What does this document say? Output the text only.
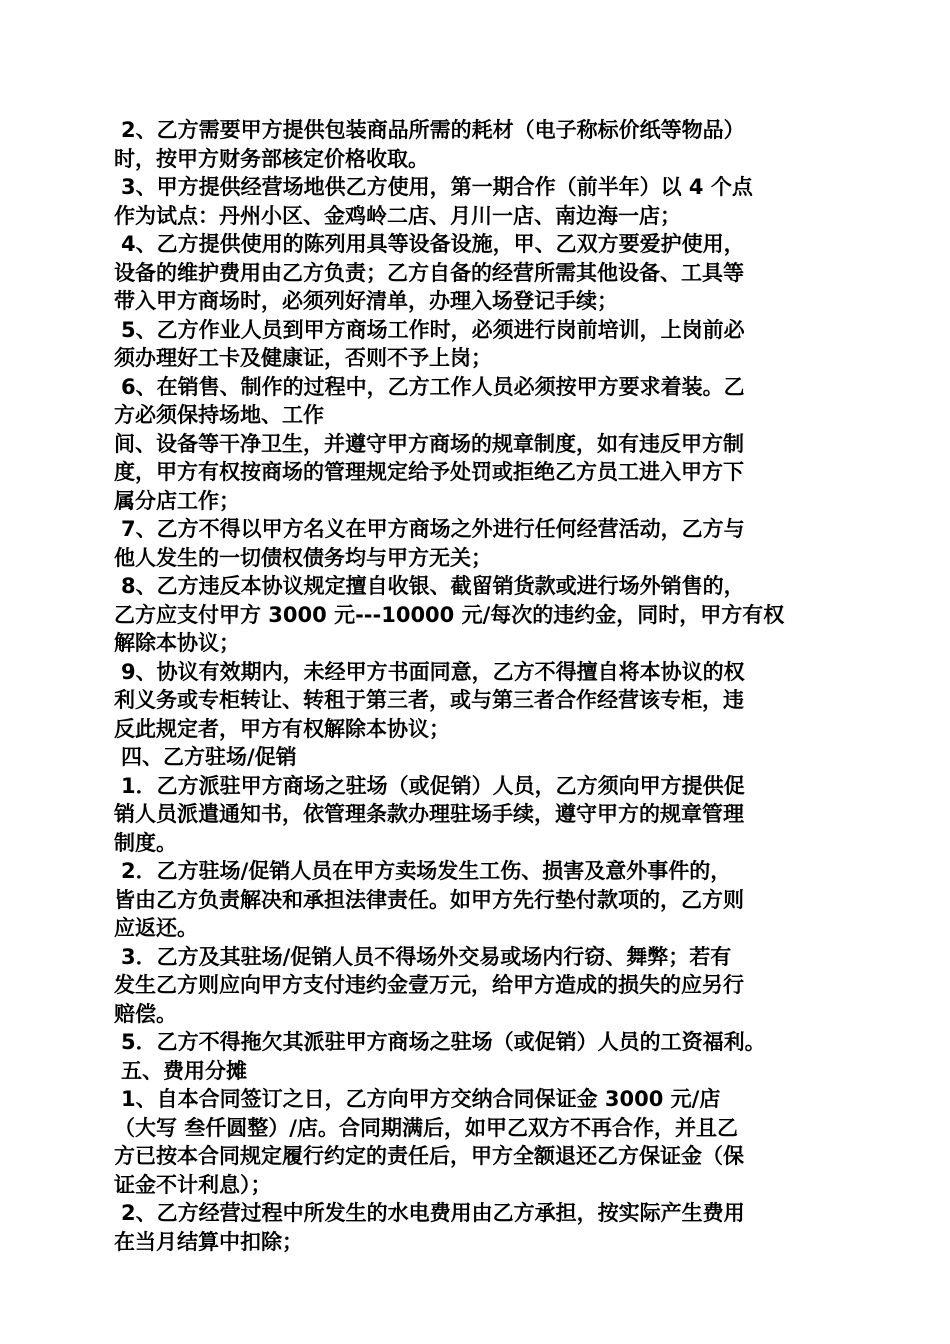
2、乙方需要甲方提供包装商品所需的耗材（电子称标价纸等物品）
时，按甲方财务部核定价格收取。
3、甲方提供经营场地供乙方使用，第一期合作（前半年）以 4 个点
作为试点：丹州小区、金鸡岭二店、月川一店、南边海一店；
4、乙方提供使用的陈列用具等设备设施，甲、乙双方要爱护使用，
设备的维护费用由乙方负责；乙方自备的经营所需其他设备、工具等
带入甲方商场时，必须列好清单，办理入场登记手续；
5、乙方作业人员到甲方商场工作时，必须进行岗前培训，上岗前必
须办理好工卡及健康证，否则不予上岗；
6、在销售、制作的过程中，乙方工作人员必须按甲方要求着装。乙
方必须保持场地、工作
间、设备等干净卫生，并遵守甲方商场的规章制度，如有违反甲方制
度，甲方有权按商场的管理规定给予处罚或拒绝乙方员工进入甲方下
属分店工作；
7、乙方不得以甲方名义在甲方商场之外进行任何经营活动，乙方与
他人发生的一切债权债务均与甲方无关；
8、乙方违反本协议规定擅自收银、截留销货款或进行场外销售的，
乙方应支付甲方 3000 元---10000 元/每次的违约金，同时，甲方有权
解除本协议；
9、协议有效期内，未经甲方书面同意，乙方不得擅自将本协议的权
利义务或专柜转让、转租于第三者，或与第三者合作经营该专柜，违
反此规定者，甲方有权解除本协议；
四、乙方驻场/促销
1．乙方派驻甲方商场之驻场（或促销）人员，乙方须向甲方提供促
销人员派遣通知书，依管理条款办理驻场手续，遵守甲方的规章管理
制度。
2．乙方驻场/促销人员在甲方卖场发生工伤、损害及意外事件的，
皆由乙方负责解决和承担法律责任。如甲方先行垫付款项的，乙方则
应返还。
3．乙方及其驻场/促销人员不得场外交易或场内行窃、舞弊；若有
发生乙方则应向甲方支付违约金壹万元，给甲方造成的损失的应另行
赔偿。
5．乙方不得拖欠其派驻甲方商场之驻场（或促销）人员的工资福利。
五、费用分摊
1、自本合同签订之日，乙方向甲方交纳合同保证金 3000 元/店
（大写 叁仟圆整）/店。合同期满后，如甲乙双方不再合作，并且乙
方已按本合同规定履行约定的责任后，甲方全额退还乙方保证金（保
证金不计利息）；
2、乙方经营过程中所发生的水电费用由乙方承担，按实际产生费用
在当月结算中扣除；
